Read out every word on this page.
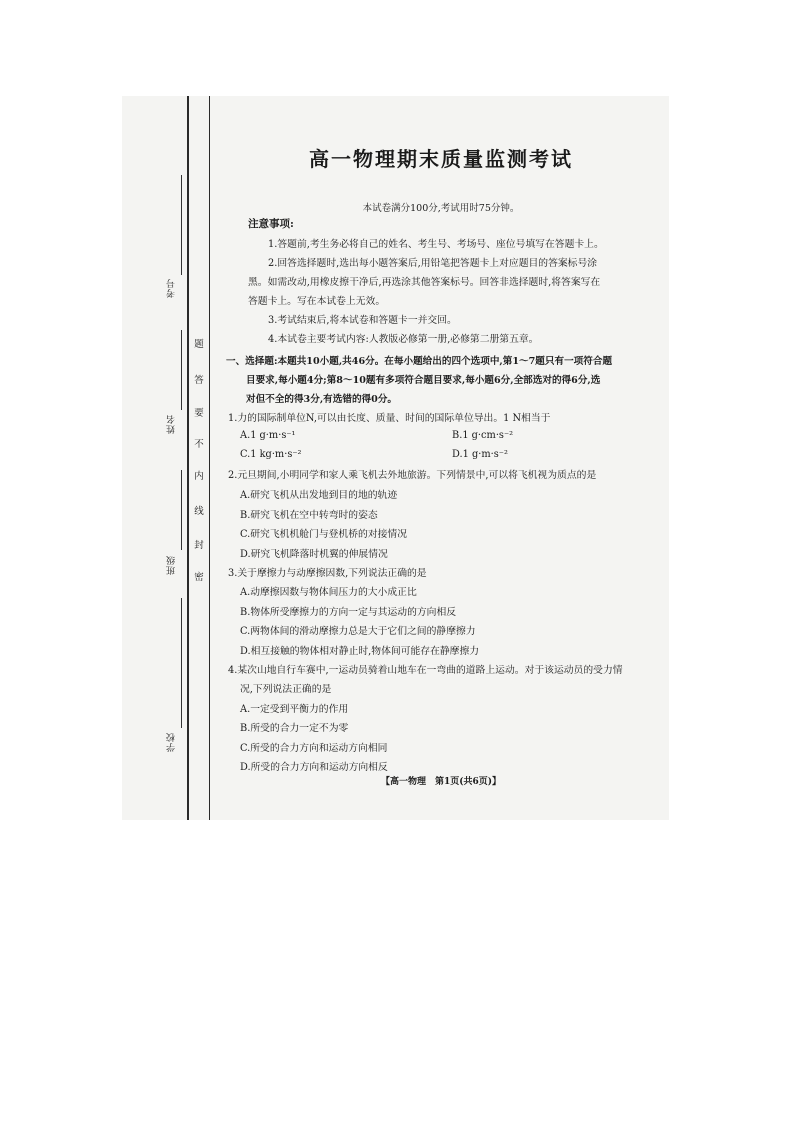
考号
姓名
班级
学校
题
答
要
不
内
线
封
密
高一物理期末质量监测考试
本试卷满分100分,考试用时75分钟。
注意事项:
1.答题前,考生务必将自己的姓名、考生号、考场号、座位号填写在答题卡上。
2.回答选择题时,选出每小题答案后,用铅笔把答题卡上对应题目的答案标号涂
黑。如需改动,用橡皮擦干净后,再选涂其他答案标号。回答非选择题时,将答案写在
答题卡上。写在本试卷上无效。
3.考试结束后,将本试卷和答题卡一并交回。
4.本试卷主要考试内容:人教版必修第一册,必修第二册第五章。
一、选择题:本题共10小题,共46分。在每小题给出的四个选项中,第1～7题只有一项符合题
目要求,每小题4分;第8～10题有多项符合题目要求,每小题6分,全部选对的得6分,选
对但不全的得3分,有选错的得0分。
1.力的国际制单位N,可以由长度、质量、时间的国际单位导出。1 N相当于
A.1 g·m·s⁻¹	B.1 g·cm·s⁻²
C.1 kg·m·s⁻²	D.1 g·m·s⁻²
2.元旦期间,小明同学和家人乘飞机去外地旅游。下列情景中,可以将飞机视为质点的是
A.研究飞机从出发地到目的地的轨迹
B.研究飞机在空中转弯时的姿态
C.研究飞机机舱门与登机桥的对接情况
D.研究飞机降落时机翼的伸展情况
3.关于摩擦力与动摩擦因数,下列说法正确的是
A.动摩擦因数与物体间压力的大小成正比
B.物体所受摩擦力的方向一定与其运动的方向相反
C.两物体间的滑动摩擦力总是大于它们之间的静摩擦力
D.相互接触的物体相对静止时,物体间可能存在静摩擦力
4.某次山地自行车赛中,一运动员骑着山地车在一弯曲的道路上运动。对于该运动员的受力情
况,下列说法正确的是
A.一定受到平衡力的作用
B.所受的合力一定不为零
C.所受的合力方向和运动方向相同
D.所受的合力方向和运动方向相反
【高一物理　第1页(共6页)】
